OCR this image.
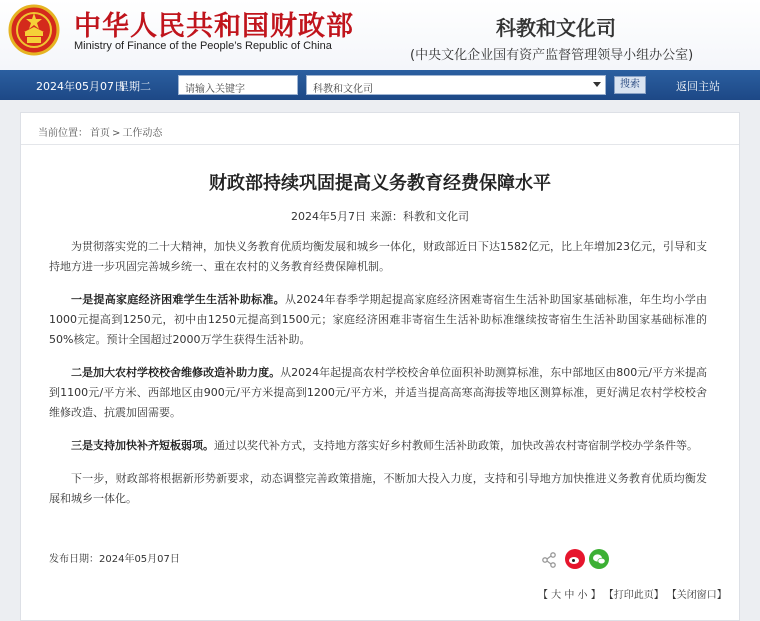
中华人民共和国财政部
Ministry of Finance of the People’s Republic of China
科教和文化司
(中央文化企业国有资产监督管理领导小组办公室)
2024年05月07日
星期二	请输入关键字	科教和文化司	搜索	返回主站
当前位置： 首页 > 工作动态
财政部持续巩固提高义务教育经费保障水平
2024年5月7日 来源：科教和文化司

为贯彻落实党的二十大精神，加快义务教育优质均衡发展和城乡一体化，财政部近日下达1582亿元，比上年增加23亿元，引导和支持地方进一步巩固完善城乡统一、重在农村的义务教育经费保障机制。

一是提高家庭经济困难学生生活补助标准。从2024年春季学期起提高家庭经济困难寄宿生生活补助国家基础标准，年生均小学由1000元提高到1250元，初中由1250元提高到1500元；家庭经济困难非寄宿生生活补助标准继续按寄宿生生活补助国家基础标准的50%核定。预计全国超过2000万学生获得生活补助。

二是加大农村学校校舍维修改造补助力度。从2024年起提高农村学校校舍单位面积补助测算标准，东中部地区由800元/平方米提高到1100元/平方米、西部地区由900元/平方米提高到1200元/平方米，并适当提高高寒高海拔等地区测算标准，更好满足农村学校校舍维修改造、抗震加固需要。

三是支持加快补齐短板弱项。通过以奖代补方式，支持地方落实好乡村教师生活补助政策，加快改善农村寄宿制学校办学条件等。

下一步，财政部将根据新形势新要求，动态调整完善政策措施，不断加大投入力度，支持和引导地方加快推进义务教育优质均衡发展和城乡一体化。

发布日期：2024年05月07日
【 大 中 小 】 【打印此页】 【关闭窗口】
